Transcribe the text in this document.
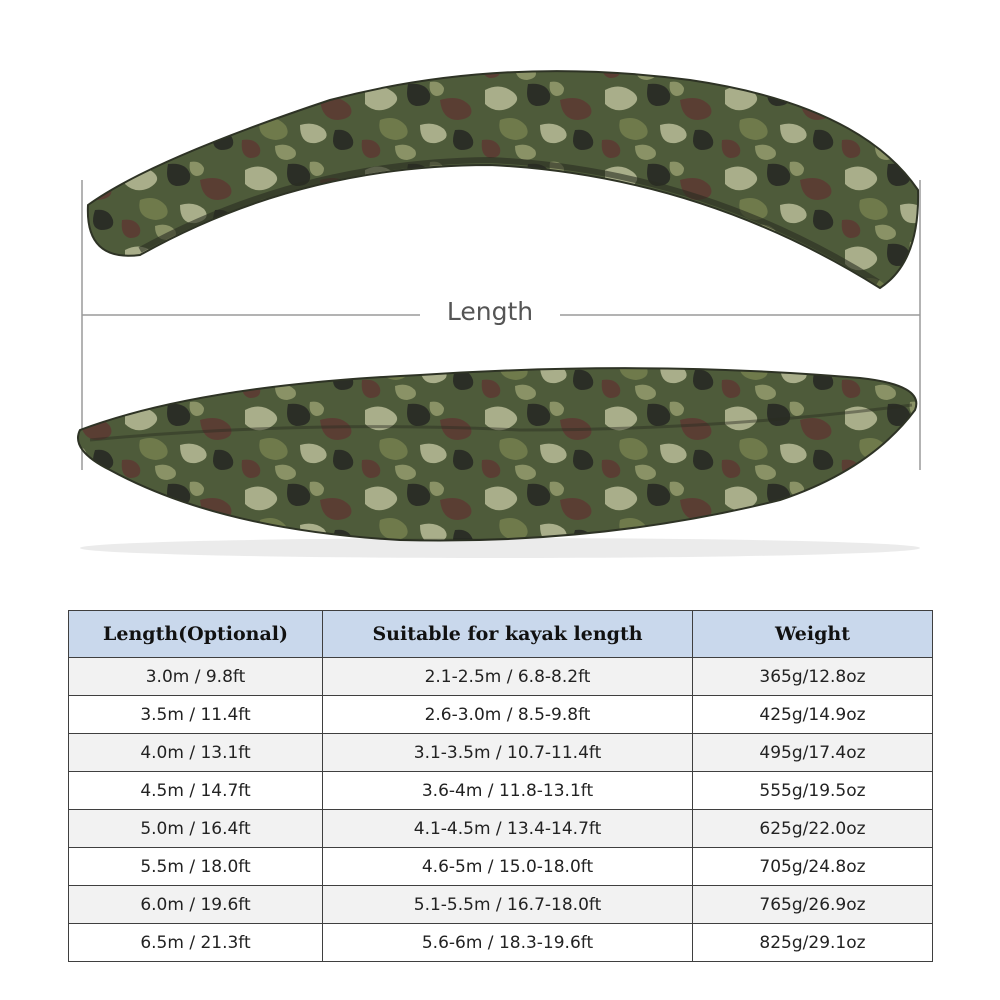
Length
Length(Optional)	Suitable for kayak length	Weight
3.0m / 9.8ft	2.1-2.5m / 6.8-8.2ft	365g/12.8oz
3.5m / 11.4ft	2.6-3.0m / 8.5-9.8ft	425g/14.9oz
4.0m / 13.1ft	3.1-3.5m / 10.7-11.4ft	495g/17.4oz
4.5m / 14.7ft	3.6-4m / 11.8-13.1ft	555g/19.5oz
5.0m / 16.4ft	4.1-4.5m / 13.4-14.7ft	625g/22.0oz
5.5m / 18.0ft	4.6-5m / 15.0-18.0ft	705g/24.8oz
6.0m / 19.6ft	5.1-5.5m / 16.7-18.0ft	765g/26.9oz
6.5m / 21.3ft	5.6-6m / 18.3-19.6ft	825g/29.1oz
